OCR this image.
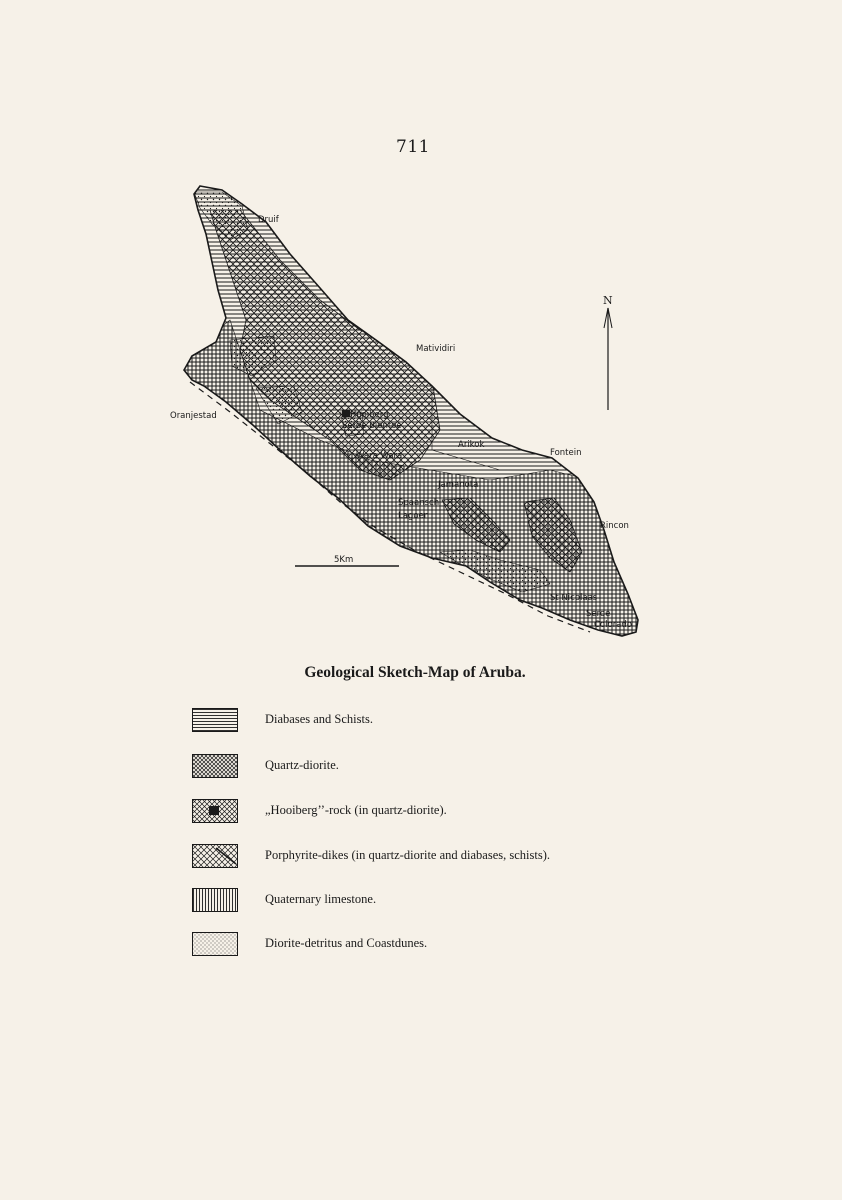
711
N
5Km
Druif
Matividiri
Oranjestad	Hooiberg
Seroe Bientoe
Wara Wara
Arikok
Fontein
Jamanota
Spaansch
Lagoen
Rincon
St.Nicolaas
Seroe
Colorado
Geological Sketch-Map of Aruba.
Diabases and Schists.
Quartz-diorite.
„Hooiberg’’-rock (in quartz-diorite).
Porphyrite-dikes (in quartz-diorite and diabases, schists).
Quaternary limestone.
Diorite-detritus and Coastdunes.
